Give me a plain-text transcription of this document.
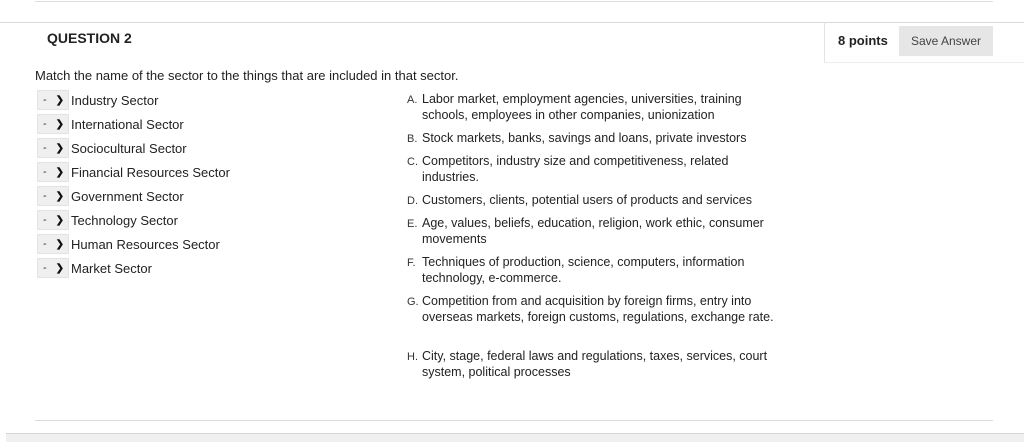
QUESTION 2	8 points	Save Answer
Match the name of the sector to the things that are included in that sector.
- ❯ Industry Sector
- ❯ International Sector
- ❯ Sociocultural Sector
- ❯ Financial Resources Sector
- ❯ Government Sector
- ❯ Technology Sector
- ❯ Human Resources Sector
- ❯ Market Sector
A. Labor market, employment agencies, universities, training schools, employees in other companies, unionization
B. Stock markets, banks, savings and loans, private investors
C. Competitors, industry size and competitiveness, related industries.
D. Customers, clients, potential users of products and services
E. Age, values, beliefs, education, religion, work ethic, consumer movements
F. Techniques of production, science, computers, information technology, e-commerce.
G. Competition from and acquisition by foreign firms, entry into overseas markets, foreign customs, regulations, exchange rate.
H. City, stage, federal laws and regulations, taxes, services, court system, political processes
